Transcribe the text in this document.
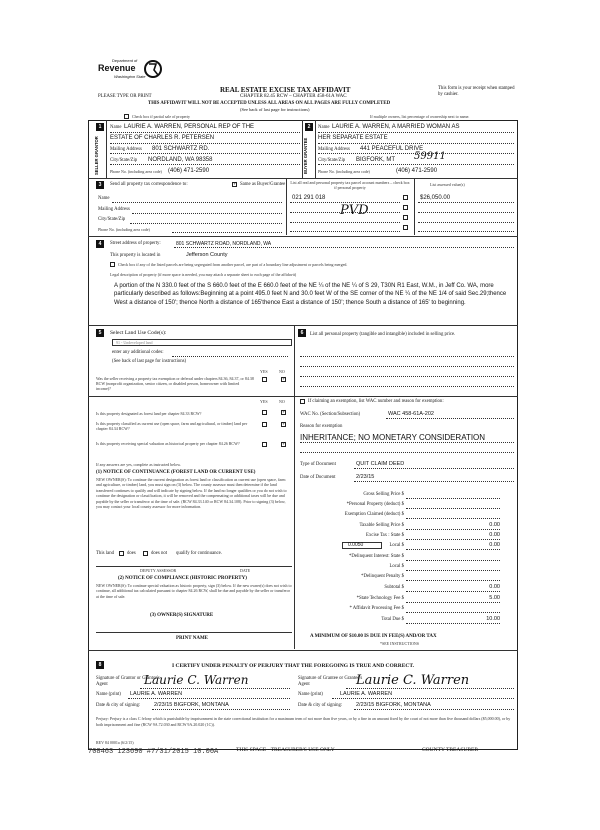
Department of
Revenue
Washington State
REAL ESTATE EXCISE TAX AFFIDAVIT
CHAPTER 82.45 RCW – CHAPTER 458-61A WAC
PLEASE TYPE OR PRINT
THIS AFFIDAVIT WILL NOT BE ACCEPTED UNLESS ALL AREAS ON ALL PAGES ARE FULLY COMPLETED
(See back of last page for instructions)
This form is your receipt when stamped by cashier.
Check box if partial sale of property	If multiple owners, list percentage of ownership next to name.
1
SELLER GRANTOR
Name LAURIE A. WARREN, PERSONAL REP OF THE
ESTATE OF CHARLES R. PETERSEN
Mailing Address 801 SCHWARTZ RD.
City/State/Zip NORDLAND, WA 98358
Phone No. (including area code) (406) 471-2590
2
BUYER GRANTEE
Name LAURIE A. WARREN, A MARRIED WOMAN AS
HER SEPARATE ESTATE
Mailing Address 441 PEACEFUL DRIVE
City/State/Zip BIGFORK, MT 59911
Phone No. (including area code)	(406) 471-2590
3	Send all property tax correspondence to:
✓	Same as Buyer/Grantee
Name
Mailing Address
City/State/Zip
Phone No. (including area code)
List all real and personal property tax parcel account numbers – check box if personal property
021 291 018
PVD
List assessed value(s)
$26,050.00
4	Street address of property:	801 SCHWARTZ ROAD, NORDLAND, WA
This property is located in	Jefferson County
Check box if any of the listed parcels are being segregated from another parcel, are part of a boundary line adjustment or parcels being merged.
Legal description of property (if more space is needed, you may attach a separate sheet to each page of the affidavit)
A portion of the N 330.0 feet of the S 660.0 feet of the E 660.0 feet of the NE ¼ of the NE ¼ of S 29, T30N R1 East, W.M., in Jeff Co. WA, more particularly described as follows:Beginning at a point 495.0 feet N and 30.0 feet W of the SE corner of the NE ¼ of the NE 1/4 of said Sec.29;thence West a distance of 150'; thence North a distance of 165'thence East a distance of 150'; thence South a distance of 165' to beginning.
5	Select Land Use Code(s):
91 - Undeveloped land
enter any additional codes:
(See back of last page for instructions)
YES	NO
Was the seller receiving a property tax exemption or deferral under chapters 84.36, 84.37, or 84.38 RCW (nonprofit organization, senior citizen, or disabled person, homeowner with limited income)?
✓
YES	NO
Is this property designated as forest land per chapter 84.33 RCW?
✓
Is this property classified as current use (open space, farm and agricultural, or timber) land per chapter 84.34 RCW?
✓
Is this property receiving special valuation as historical property per chapter 84.26 RCW?
✓
If any answers are yes, complete as instructed below.
(1) NOTICE OF CONTINUANCE (FOREST LAND OR CURRENT USE)
NEW OWNER(S): To continue the current designation as forest land or classification as current use (open space, farm and agriculture, or timber) land, you must sign on (3) below. The county assessor must then determine if the land transferred continues to qualify and will indicate by signing below. If the land no longer qualifies or you do not wish to continue the designation or classification, it will be removed and the compensating or additional taxes will be due and payable by the seller or transferor at the time of sale. (RCW 84.33.140 or RCW 84.34.108). Prior to signing (3) below, you may contact your local county assessor for more information.
This land	does	does not qualify for continuance.
DEPUTY ASSESSOR	DATE
(2) NOTICE OF COMPLIANCE (HISTORIC PROPERTY)
NEW OWNER(S): To continue special valuation as historic property, sign (3) below. If the new owner(s) does not wish to continue, all additional tax calculated pursuant to chapter 84.26 RCW, shall be due and payable by the seller or transferor at the time of sale.
(3) OWNER(S) SIGNATURE
PRINT NAME
6	List all personal property (tangible and intangible) included in selling price.
If claiming an exemption, list WAC number and reason for exemption:
WAC No. (Section/Subsection)	WAC 458-61A-202
Reason for exemption
INHERITANCE; NO MONETARY CONSIDERATION
Type of Document	QUIT CLAIM DEED
Date of Document	2/23/15
Gross Selling Price $
*Personal Property (deduct) $
Exemption Claimed (deduct) $
Taxable Selling Price $	0.00
Excise Tax : State $	0.00
Local $	0.00
*Delinquent Interest: State $
Local $
*Delinquent Penalty $
Subtotal $	0.00
*State Technology Fee $	5.00
* Affidavit Processing Fee $
Total Due $	10.00
0.0050
A MINIMUM OF $10.00 IS DUE IN FEE(S) AND/OR TAX
*SEE INSTRUCTIONS
8	I CERTIFY UNDER PENALTY OF PERJURY THAT THE FOREGOING IS TRUE AND CORRECT.
Signature of Grantor or Grantor's Agent	Laurie C. Warren
Name (print) LAURIE A. WARREN
Date & city of signing:	2/23/15 BIGFORK, MONTANA
Signature of Grantee or Grantee's Agent	Laurie C. Warren
Name (print)	LAURIE A. WARREN
Date & city of signing:	2/23/15 BIGFORK, MONTANA
Perjury: Perjury is a class C felony which is punishable by imprisonment in the state correctional institution for a maximum term of not more than five years, or by a fine in an amount fixed by the court of not more than five thousand dollars ($5,000.00), or by both imprisonment and fine (RCW 9A.72.030 and RCW 9A.20.020 (1C)).
REV 84 0001a (6/2/15)
708463 123690 #7/31/2015 10.00A	THIS SPACE - TREASURER'S USE ONLY	COUNTY TREASURER
